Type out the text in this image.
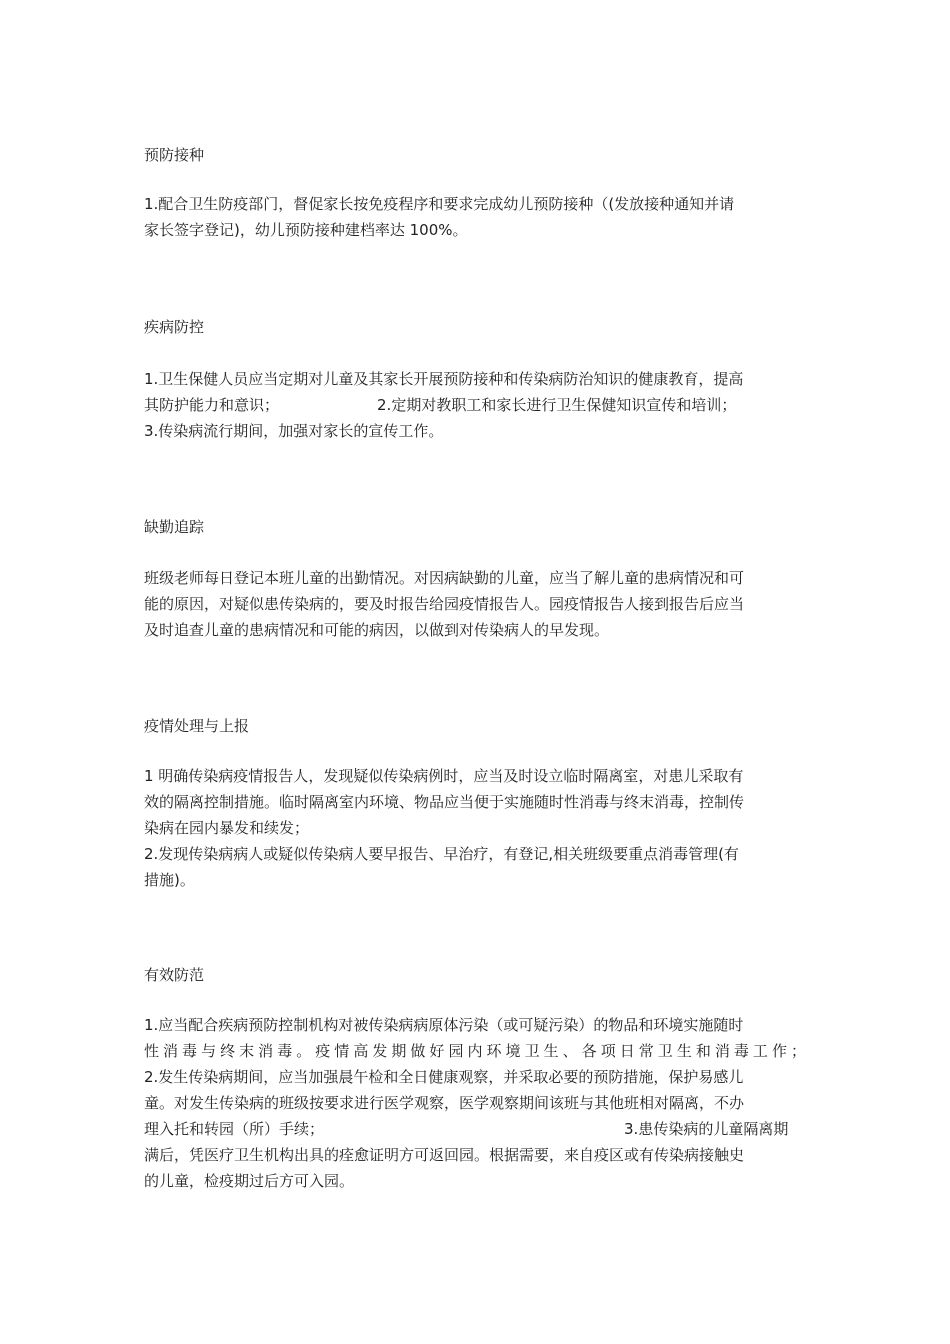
预防接种
1.配合卫生防疫部门，督促家长按免疫程序和要求完成幼儿预防接种（(发放接种通知并请
家长签字登记)，幼儿预防接种建档率达 100%。
疾病防控
1.卫生保健人员应当定期对儿童及其家长开展预防接种和传染病防治知识的健康教育，提高
其防护能力和意识；	2.定期对教职工和家长进行卫生保健知识宣传和培训；
3.传染病流行期间，加强对家长的宣传工作。
缺勤追踪
班级老师每日登记本班儿童的出勤情况。对因病缺勤的儿童，应当了解儿童的患病情况和可
能的原因，对疑似患传染病的，要及时报告给园疫情报告人。园疫情报告人接到报告后应当
及时追查儿童的患病情况和可能的病因，以做到对传染病人的早发现。
疫情处理与上报
1 明确传染病疫情报告人，发现疑似传染病例时，应当及时设立临时隔离室，对患儿采取有
效的隔离控制措施。临时隔离室内环境、物品应当便于实施随时性消毒与终末消毒，控制传
染病在园内暴发和续发；
2.发现传染病病人或疑似传染病人要早报告、早治疗，有登记,相关班级要重点消毒管理(有
措施)。
有效防范
1.应当配合疾病预防控制机构对被传染病病原体污染（或可疑污染）的物品和环境实施随时
性消毒与终末消毒。疫情高发期做好园内环境卫生、各项日常卫生和消毒工作；
2.发生传染病期间，应当加强晨午检和全日健康观察，并采取必要的预防措施，保护易感儿
童。对发生传染病的班级按要求进行医学观察，医学观察期间该班与其他班相对隔离，不办
理入托和转园（所）手续；	3.患传染病的儿童隔离期
满后，凭医疗卫生机构出具的痊愈证明方可返回园。根据需要，来自疫区或有传染病接触史
的儿童，检疫期过后方可入园。
